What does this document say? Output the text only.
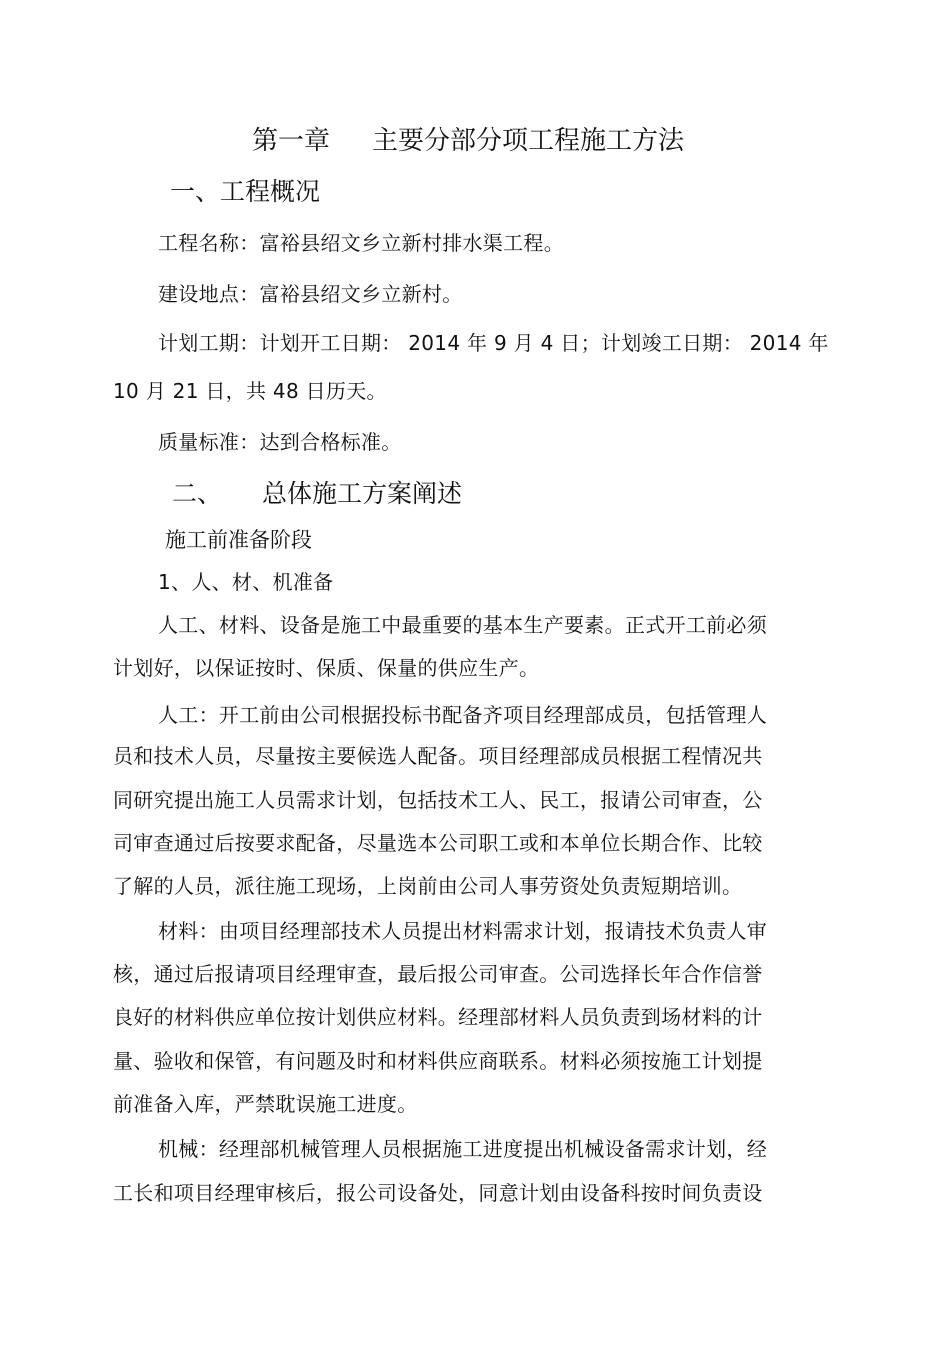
第一章 主要分部分项工程施工方法
一、工程概况
工程名称：富裕县绍文乡立新村排水渠工程。
建设地点：富裕县绍文乡立新村。
计划工期：计划开工日期： 2014 年 9 月 4 日；计划竣工日期： 2014 年
10 月 21 日，共 48 日历天。
质量标准：达到合格标准。
二、 总体施工方案阐述
施工前准备阶段
1、人、材、机准备
人工、材料、设备是施工中最重要的基本生产要素。正式开工前必须
计划好，以保证按时、保质、保量的供应生产。
人工：开工前由公司根据投标书配备齐项目经理部成员，包括管理人
员和技术人员，尽量按主要候选人配备。项目经理部成员根据工程情况共
同研究提出施工人员需求计划，包括技术工人、民工，报请公司审查，公
司审查通过后按要求配备，尽量选本公司职工或和本单位长期合作、比较
了解的人员，派往施工现场，上岗前由公司人事劳资处负责短期培训。
材料：由项目经理部技术人员提出材料需求计划，报请技术负责人审
核，通过后报请项目经理审查，最后报公司审查。公司选择长年合作信誉
良好的材料供应单位按计划供应材料。经理部材料人员负责到场材料的计
量、验收和保管，有问题及时和材料供应商联系。材料必须按施工计划提
前准备入库，严禁耽误施工进度。
机械：经理部机械管理人员根据施工进度提出机械设备需求计划，经
工长和项目经理审核后，报公司设备处，同意计划由设备科按时间负责设
